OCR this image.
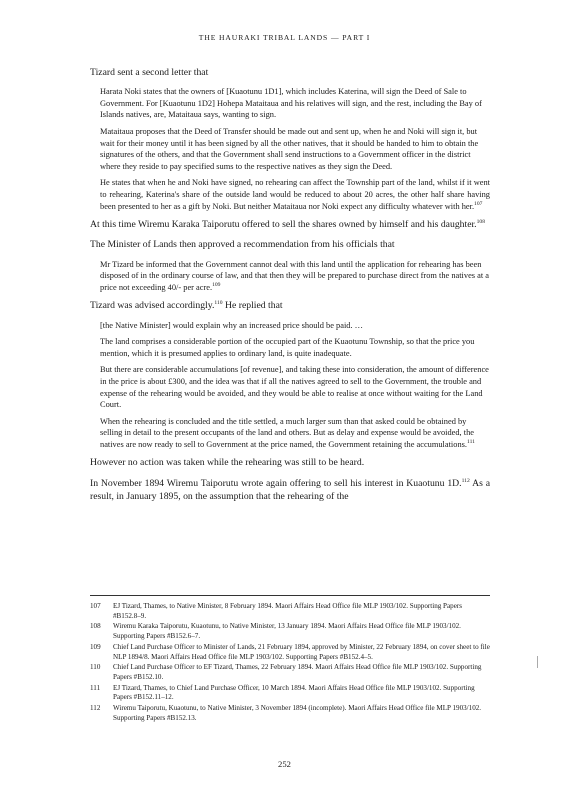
THE HAURAKI TRIBAL LANDS — PART I

Tizard sent a second letter that

Harata Noki states that the owners of [Kuaotunu 1D1], which includes Katerina, will sign the Deed of Sale to Government. For [Kuaotunu 1D2] Hohepa Mataitaua and his relatives will sign, and the rest, including the Bay of Islands natives, are, Mataitaua says, wanting to sign.

Mataitaua proposes that the Deed of Transfer should be made out and sent up, when he and Noki will sign it, but wait for their money until it has been signed by all the other natives, that it should be handed to him to obtain the signatures of the others, and that the Government shall send instructions to a Government officer in the district where they reside to pay specified sums to the respective natives as they sign the Deed.

He states that when he and Noki have signed, no rehearing can affect the Township part of the land, whilst if it went to rehearing, Katerina's share of the outside land would be reduced to about 20 acres, the other half share having been presented to her as a gift by Noki. But neither Mataitaua nor Noki expect any difficulty whatever with her.$^{107}$

At this time Wiremu Karaka Taiporutu offered to sell the shares owned by himself and his daughter.$^{108}$

The Minister of Lands then approved a recommendation from his officials that

Mr Tizard be informed that the Government cannot deal with this land until the application for rehearing has been disposed of in the ordinary course of law, and that then they will be prepared to purchase direct from the natives at a price not exceeding 40/- per acre.$^{109}$

Tizard was advised accordingly.$^{110}$ He replied that

[the Native Minister] would explain why an increased price should be paid. …

The land comprises a considerable portion of the occupied part of the Kuaotunu Township, so that the price you mention, which it is presumed applies to ordinary land, is quite inadequate.

But there are considerable accumulations [of revenue], and taking these into consideration, the amount of difference in the price is about £300, and the idea was that if all the natives agreed to sell to the Government, the trouble and expense of the rehearing would be avoided, and they would be able to realise at once without waiting for the Land Court.

When the rehearing is concluded and the title settled, a much larger sum than that asked could be obtained by selling in detail to the present occupants of the land and others. But as delay and expense would be avoided, the natives are now ready to sell to Government at the price named, the Government retaining the accumulations.$^{111}$

However no action was taken while the rehearing was still to be heard.

In November 1894 Wiremu Taiporutu wrote again offering to sell his interest in Kuaotunu 1D.$^{112}$ As a result, in January 1895, on the assumption that the rehearing of the

107	EJ Tizard, Thames, to Native Minister, 8 February 1894. Maori Affairs Head Office file MLP 1903/102. Supporting Papers #B152.8–9.
108	Wiremu Karaka Taiporutu, Kuaotunu, to Native Minister, 13 January 1894. Maori Affairs Head Office file MLP 1903/102. Supporting Papers #B152.6–7.
109	Chief Land Purchase Officer to Minister of Lands, 21 February 1894, approved by Minister, 22 February 1894, on cover sheet to file NLP 1894/8. Maori Affairs Head Office file MLP 1903/102. Supporting Papers #B152.4–5.
110	Chief Land Purchase Officer to EF Tizard, Thames, 22 February 1894. Maori Affairs Head Office file MLP 1903/102. Supporting Papers #B152.10.
111	EJ Tizard, Thames, to Chief Land Purchase Officer, 10 March 1894. Maori Affairs Head Office file MLP 1903/102. Supporting Papers #B152.11–12.
112	Wiremu Taiporutu, Kuaotunu, to Native Minister, 3 November 1894 (incomplete). Maori Affairs Head Office file MLP 1903/102. Supporting Papers #B152.13.
252
